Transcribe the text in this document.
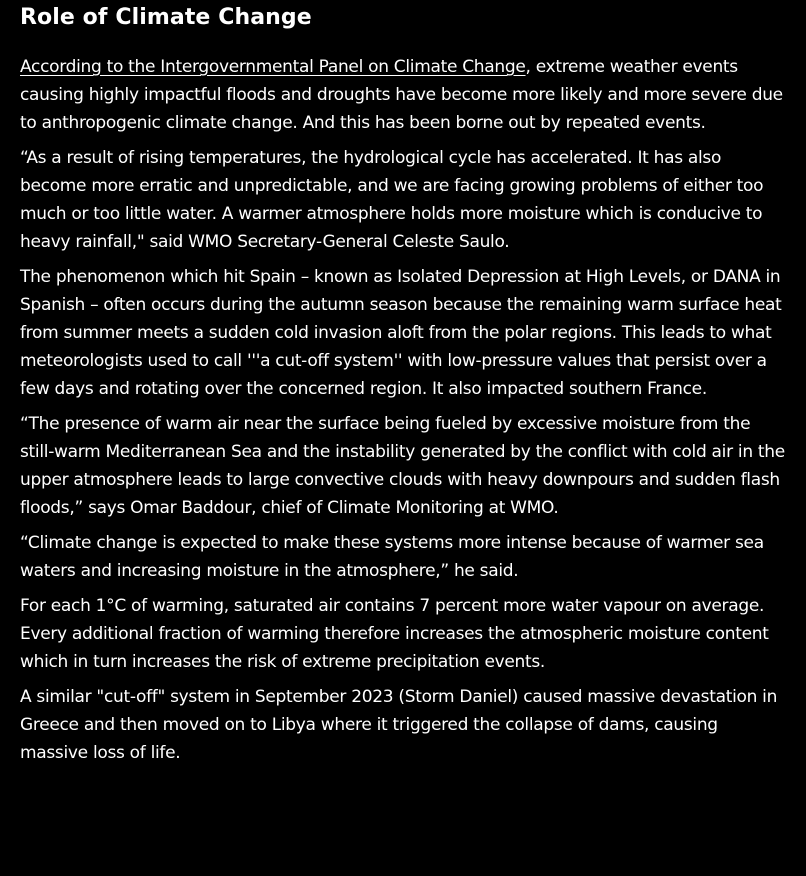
Role of Climate Change

According to the Intergovernmental Panel on Climate Change, extreme weather events causing highly impactful floods and droughts have become more likely and more severe due to anthropogenic climate change. And this has been borne out by repeated events.

“As a result of rising temperatures, the hydrological cycle has accelerated. It has also become more erratic and unpredictable, and we are facing growing problems of either too much or too little water. A warmer atmosphere holds more moisture which is conducive to heavy rainfall," said WMO Secretary-General Celeste Saulo.

The phenomenon which hit Spain – known as Isolated Depression at High Levels, or DANA in Spanish – often occurs during the autumn season because the remaining warm surface heat from summer meets a sudden cold invasion aloft from the polar regions. This leads to what meteorologists used to call '''a cut-off system'' with low-pressure values that persist over a few days and rotating over the concerned region. It also impacted southern France.

“The presence of warm air near the surface being fueled by excessive moisture from the still-warm Mediterranean Sea and the instability generated by the conflict with cold air in the upper atmosphere leads to large convective clouds with heavy downpours and sudden flash floods,” says Omar Baddour, chief of Climate Monitoring at WMO.

“Climate change is expected to make these systems more intense because of warmer sea waters and increasing moisture in the atmosphere,” he said.

For each 1°C of warming, saturated air contains 7 percent more water vapour on average. Every additional fraction of warming therefore increases the atmospheric moisture content which in turn increases the risk of extreme precipitation events.

A similar "cut-off" system in September 2023 (Storm Daniel) caused massive devastation in Greece and then moved on to Libya where it triggered the collapse of dams, causing massive loss of life.
